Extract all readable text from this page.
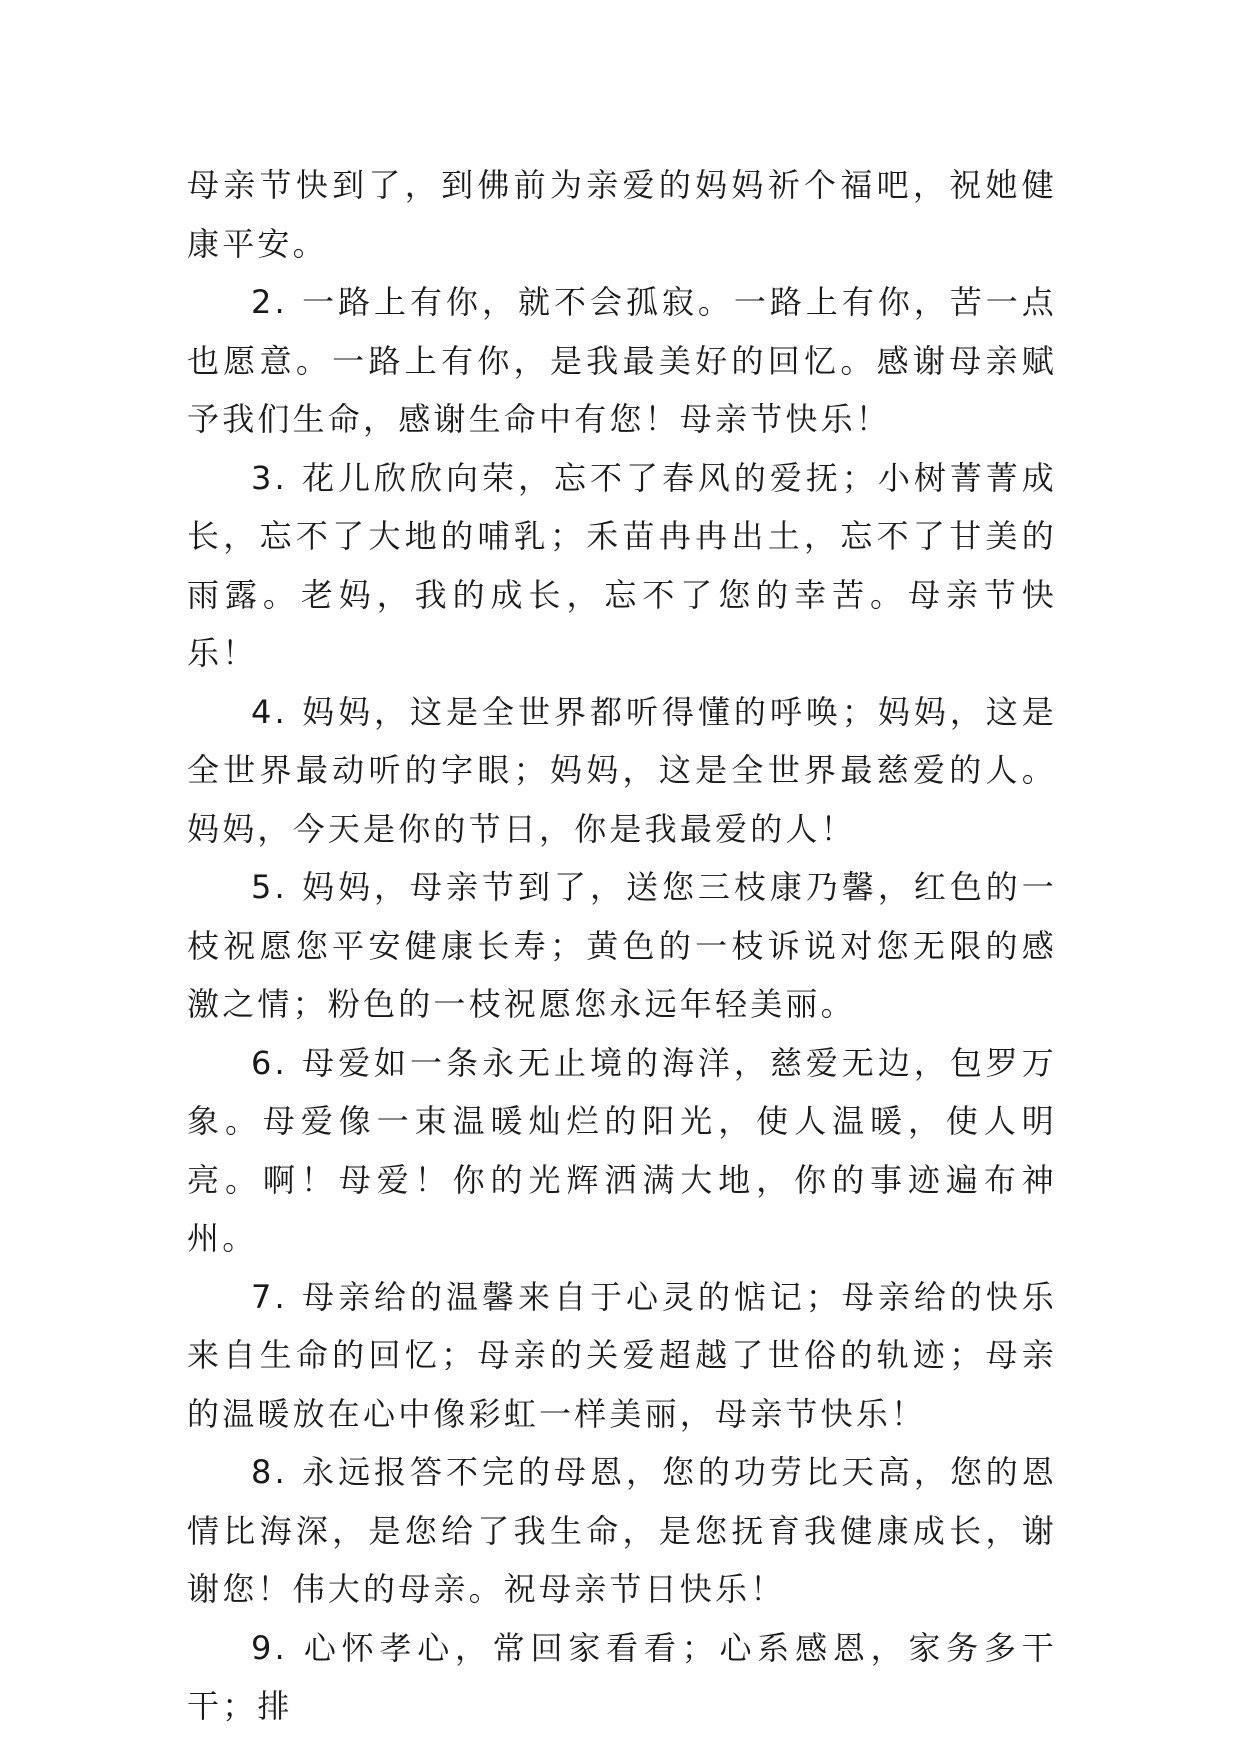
母亲节快到了，到佛前为亲爱的妈妈祈个福吧，祝她健康平安。

2. 一路上有你，就不会孤寂。一路上有你，苦一点也愿意。一路上有你，是我最美好的回忆。感谢母亲赋予我们生命，感谢生命中有您！母亲节快乐！

3. 花儿欣欣向荣，忘不了春风的爱抚；小树菁菁成长，忘不了大地的哺乳；禾苗冉冉出土，忘不了甘美的雨露。老妈，我的成长，忘不了您的幸苦。母亲节快乐！

4. 妈妈，这是全世界都听得懂的呼唤；妈妈，这是全世界最动听的字眼；妈妈，这是全世界最慈爱的人。妈妈，今天是你的节日，你是我最爱的人！

5. 妈妈，母亲节到了，送您三枝康乃馨，红色的一枝祝愿您平安健康长寿；黄色的一枝诉说对您无限的感激之情；粉色的一枝祝愿您永远年轻美丽。

6. 母爱如一条永无止境的海洋，慈爱无边，包罗万象。母爱像一束温暖灿烂的阳光，使人温暖，使人明亮。啊！母爱！你的光辉洒满大地，你的事迹遍布神州。

7. 母亲给的温馨来自于心灵的惦记；母亲给的快乐来自生命的回忆；母亲的关爱超越了世俗的轨迹；母亲的温暖放在心中像彩虹一样美丽，母亲节快乐！

8. 永远报答不完的母恩，您的功劳比天高，您的恩情比海深，是您给了我生命，是您抚育我健康成长，谢谢您！伟大的母亲。祝母亲节日快乐！

9. 心怀孝心，常回家看看；心系感恩，家务多干干；排
